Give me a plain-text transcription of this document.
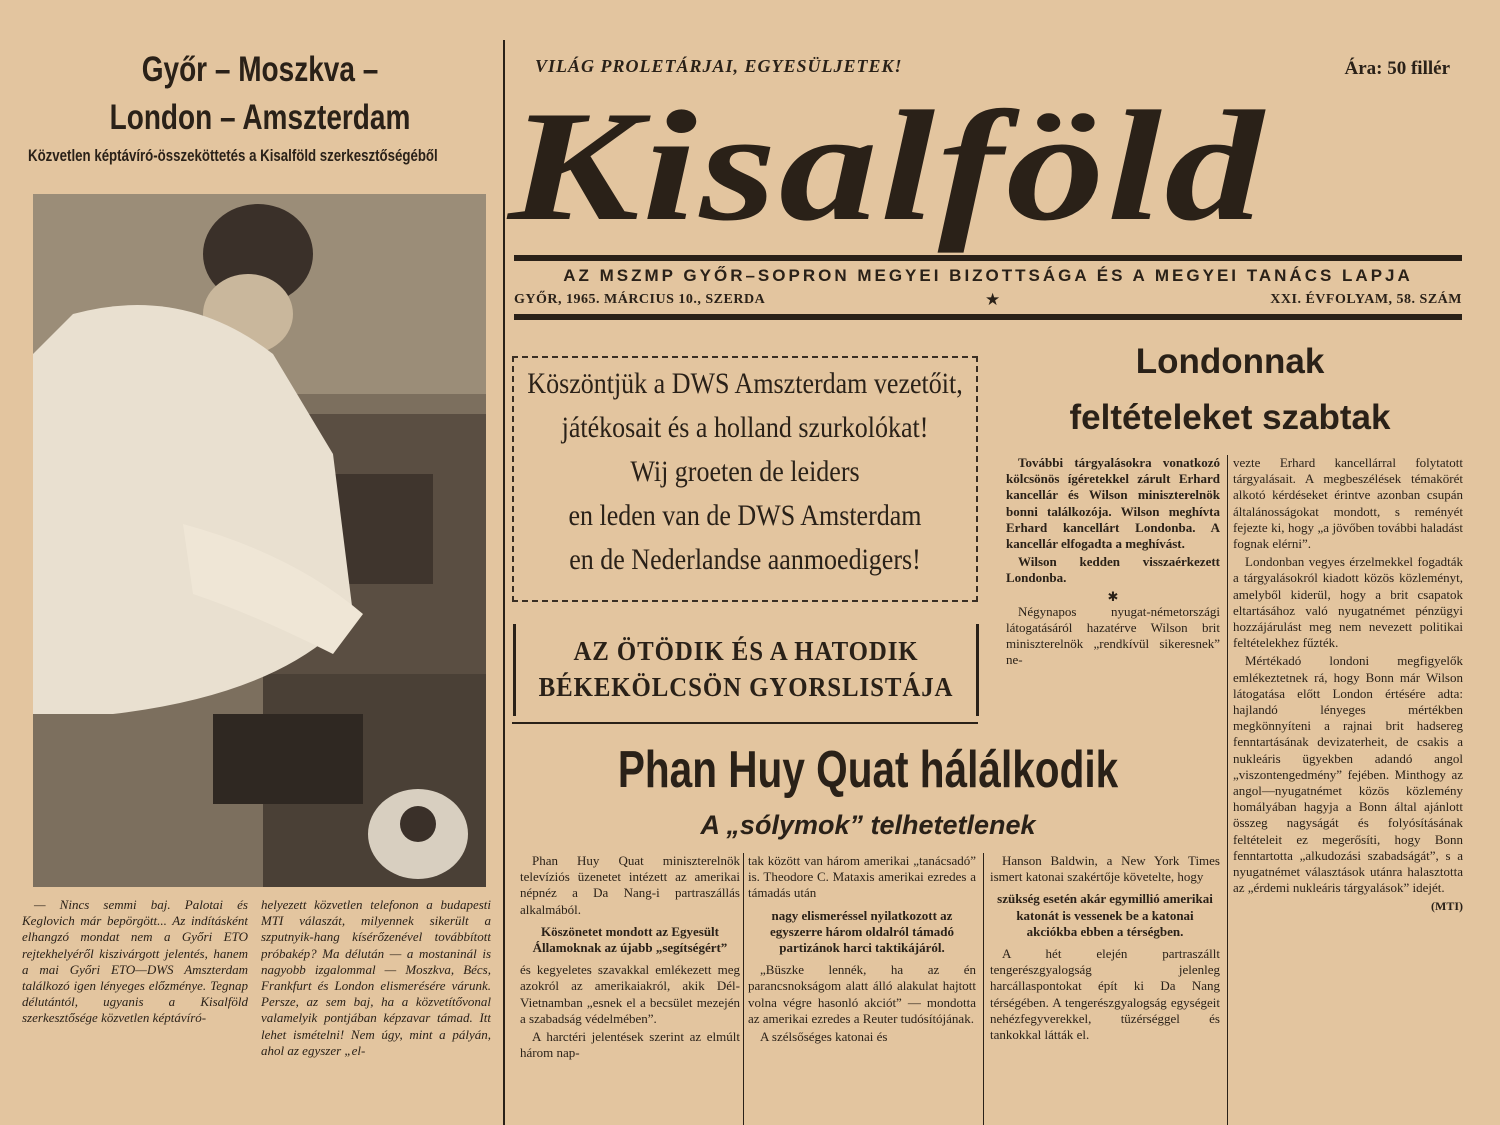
Győr – Moszkva –
London – Amszterdam
Közvetlen képtávíró-összeköttetés a Kisalföld szerkesztőségéből

— Nincs semmi baj. Palotai és Keglovich már bepörgött... Az indításként elhangzó mondat nem a Győri ETO rejtekhelyéről kiszivárgott jelentés, hanem a mai Győri ETO—DWS Amszterdam találkozó igen lényeges előzménye. Tegnap délutántól, ugyanis a Kisalföld szerkesztősége közvetlen képtávíró-

helyezett közvetlen telefonon a budapesti MTI válaszát, milyennek sikerült a szputnyik-hang kísérőzenével továbbított próbakép? Ma délután — a mostaninál is nagyobb izgalommal — Moszkva, Bécs, Frankfurt és London elismerésére várunk. Persze, az sem baj, ha a közvetítővonal valamelyik pontjában képzavar támad. Itt lehet ismételni! Nem úgy, mint a pályán, ahol az egyszer „el-

VILÁG PROLETÁRJAI, EGYESÜLJETEK!	Ára: 50 fillér
Kisalföld
AZ MSZMP GYŐR–SOPRON MEGYEI BIZOTTSÁGA ÉS A MEGYEI TANÁCS LAPJA
GYŐR, 1965. MÁRCIUS 10., SZERDA	★	XXI. ÉVFOLYAM, 58. SZÁM
Köszöntjük a DWS Amszterdam vezetőit,
játékosait és a holland szurkolókat!
Wij groeten de leiders
en leden van de DWS Amsterdam
en de Nederlandse aanmoedigers!
AZ ÖTÖDIK ÉS A HATODIK
BÉKEKÖLCSÖN GYORSLISTÁJA
Londonnak
feltételeket szabtak

További tárgyalásokra vonatkozó kölcsönös ígéretekkel zárult Erhard kancellár és Wilson miniszterelnök bonni találkozója. Wilson meghívta Erhard kancellárt Londonba. A kancellár elfogadta a meghívást.

Wilson kedden visszaérkezett Londonba.

✱

Négynapos nyugat-németországi látogatásáról hazatérve Wilson brit miniszterelnök „rendkívül sikeresnek” ne-

vezte Erhard kancellárral folytatott tárgyalásait. A megbeszélések témakörét alkotó kérdéseket érintve azonban csupán általánosságokat mondott, s reményét fejezte ki, hogy „a jövőben további haladást fognak elérni”.

Londonban vegyes érzelmekkel fogadták a tárgyalásokról kiadott közös közleményt, amelyből kiderül, hogy a brit csapatok eltartásához való nyugatnémet pénzügyi hozzájárulást meg nem nevezett politikai feltételekhez fűzték.

Mértékadó londoni megfigyelők emlékeztetnek rá, hogy Bonn már Wilson látogatása előtt London értésére adta: hajlandó lényeges mértékben megkönnyíteni a rajnai brit hadsereg fenntartásának devizaterheit, de csakis a nukleáris ügyekben adandó angol „viszontengedmény” fejében. Minthogy az angol—nyugatnémet közös közlemény homályában hagyja a Bonn által ajánlott összeg nagyságát és folyósításának feltételeit ez megerősíti, hogy Bonn fenntartotta „alkudozási szabadságát”, s a nyugatnémet választások utánra halasztotta az „érdemi nukleáris tárgyalások” idejét.

(MTI)
Phan Huy Quat hálálkodik
A „sólymok” telhetetlenek

Phan Huy Quat miniszterelnök televíziós üzenetet intézett az amerikai népnéz a Da Nang-i partraszállás alkalmából.

Köszönetet mondott az Egyesült Államoknak az újabb „segítségért”

és kegyeletes szavakkal emlékezett meg azokról az amerikaiakról, akik Dél-Vietnamban „esnek el a becsület mezején a szabadság védelmében”.

A harctéri jelentések szerint az elmúlt három nap-

tak között van három amerikai „tanácsadó” is. Theodore C. Mataxis amerikai ezredes a támadás után

nagy elismeréssel nyilatkozott az egyszerre három oldalról támadó partizánok harci taktikájáról.

„Büszke lennék, ha az én parancsnokságom alatt álló alakulat hajtott volna végre hasonló akciót” — mondotta az amerikai ezredes a Reuter tudósítójának.

A szélsőséges katonai és

Hanson Baldwin, a New York Times ismert katonai szakértője követelte, hogy

szükség esetén akár egymillió amerikai katonát is vessenek be a katonai akciókba ebben a térségben.

A hét elején partraszállt tengerészgyalogság jelenleg harcállaspontokat épít ki Da Nang térségében. A tengerészgyalogság egységeit nehézfegyverekkel, tüzérséggel és tankokkal látták el.
